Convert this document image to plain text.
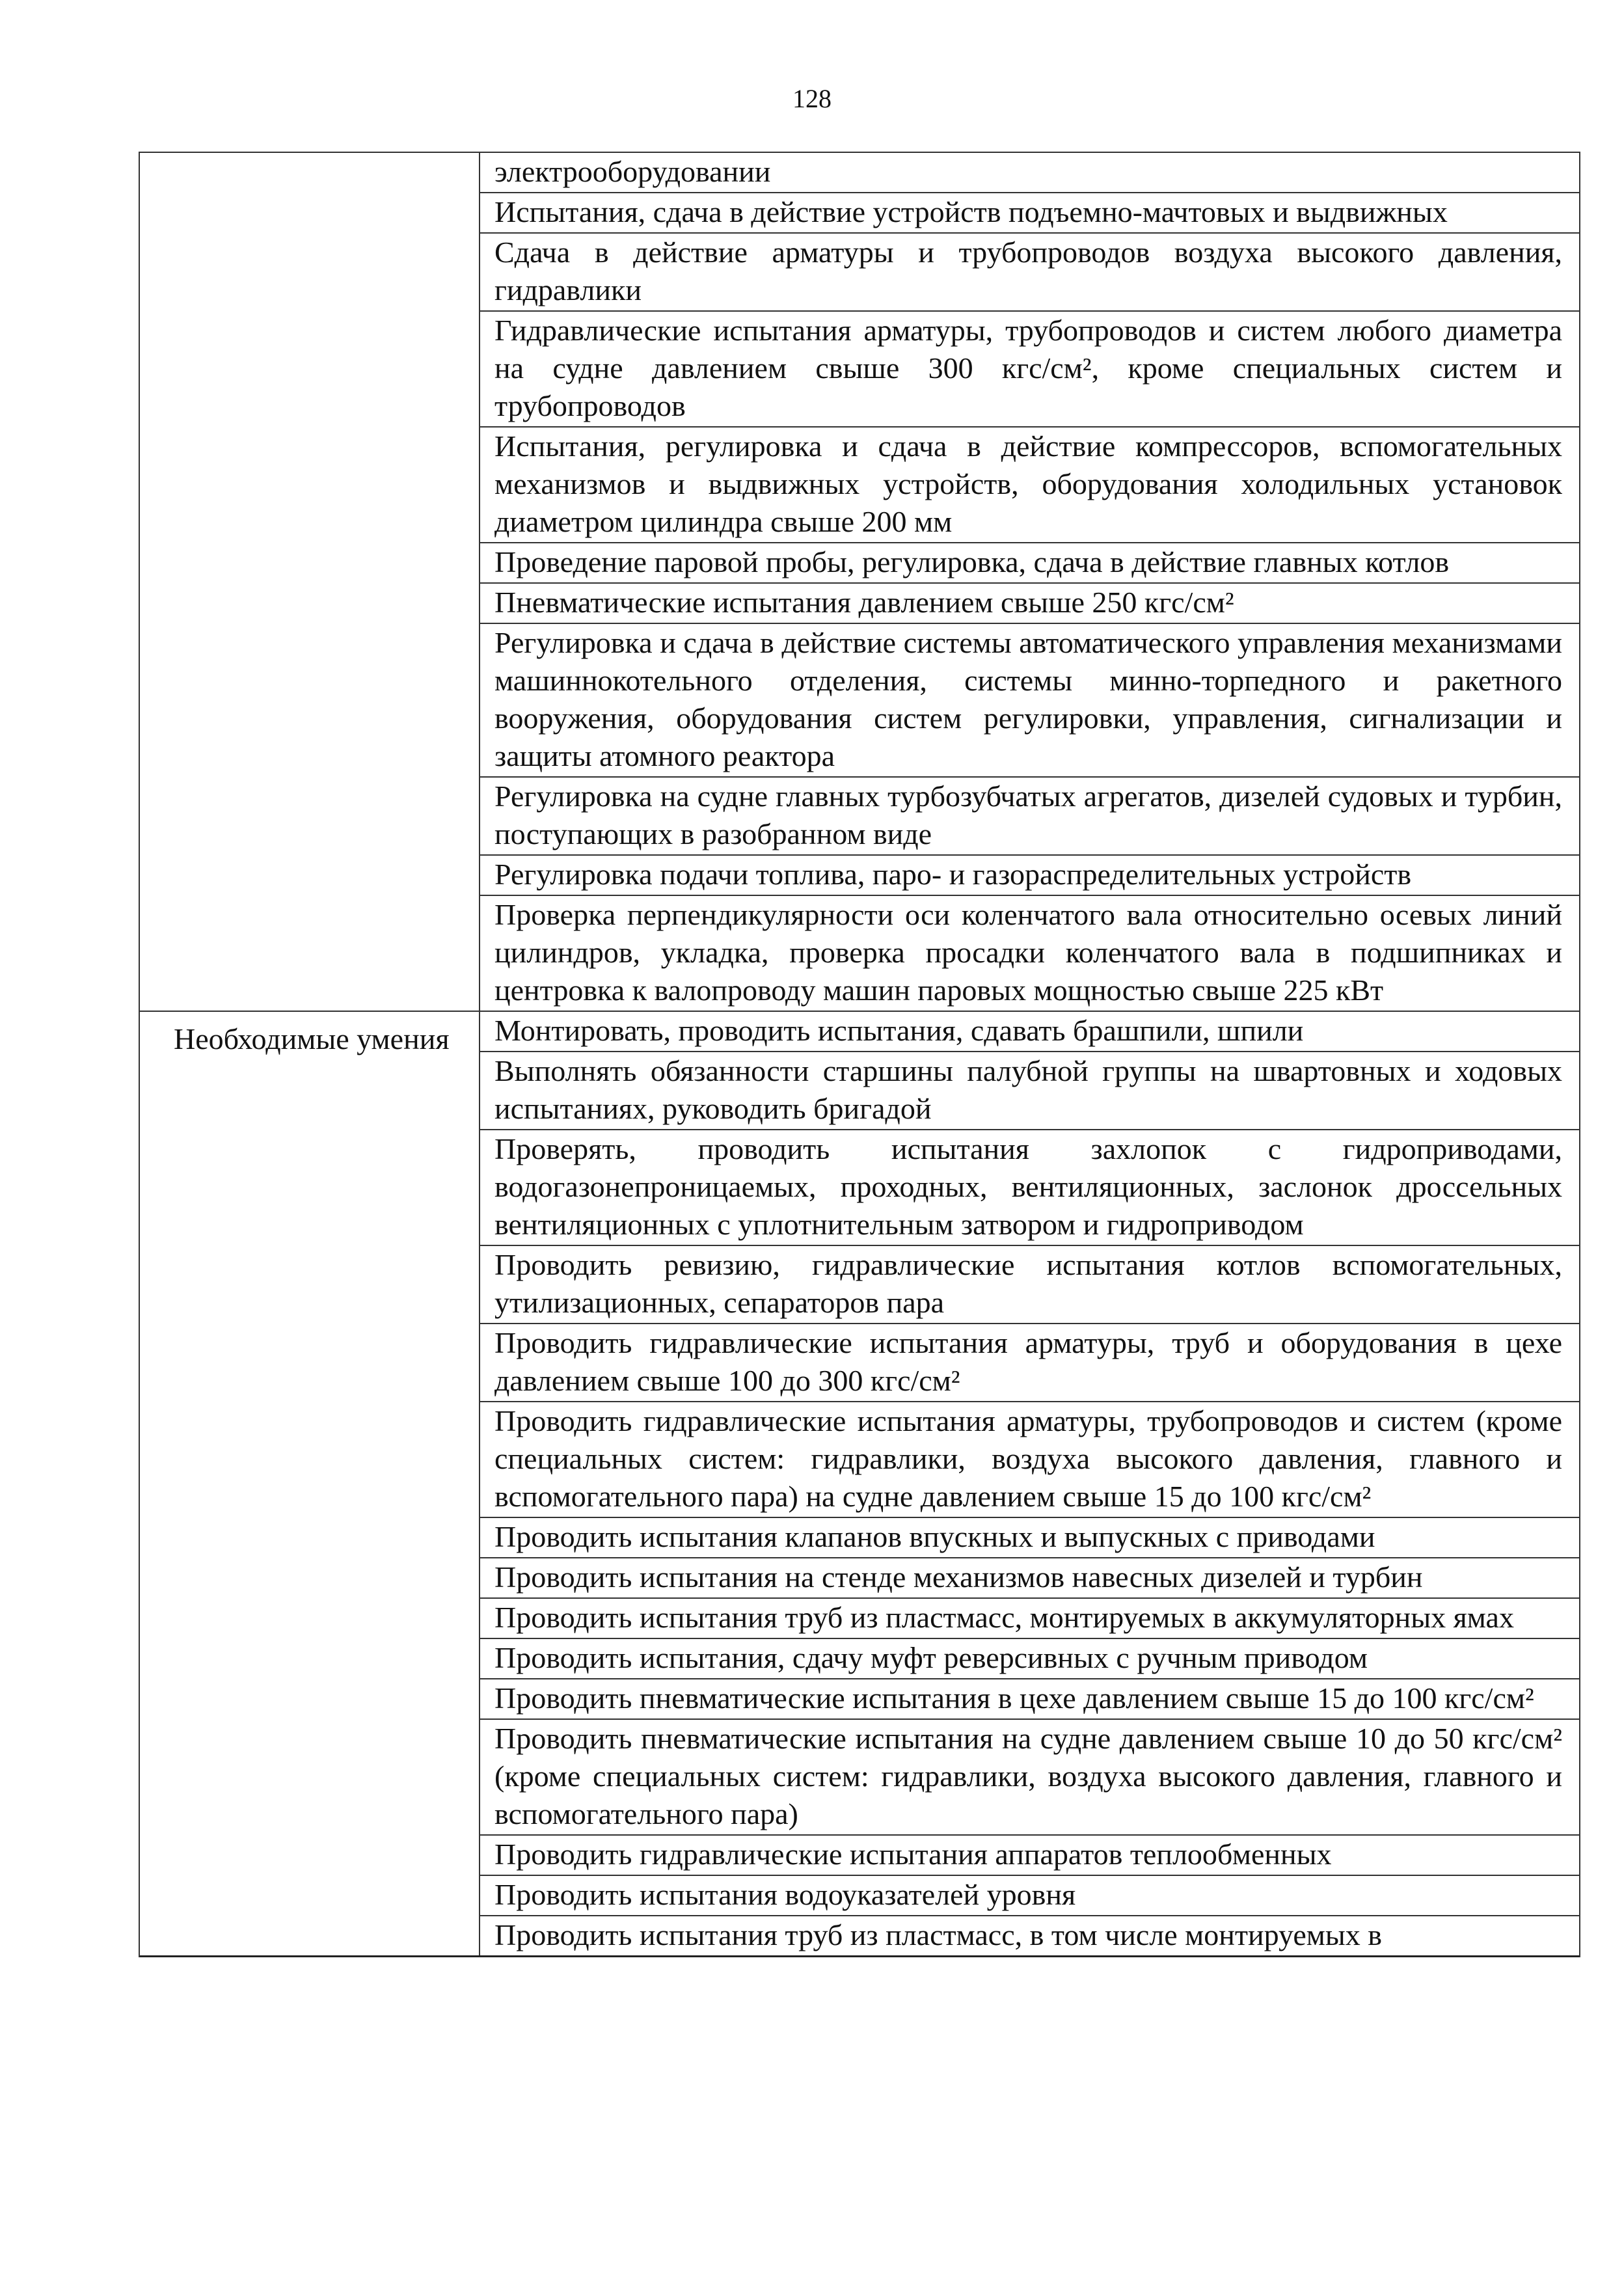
128
электрооборудовании
Испытания, сдача в действие устройств подъемно-мачтовых и выдвижных
Сдача в действие арматуры и трубопроводов воздуха высокого давления, гидравлики
Гидравлические испытания арматуры, трубопроводов и систем любого диаметра на судне давлением свыше 300 кгс/см², кроме специальных систем и трубопроводов
Испытания, регулировка и сдача в действие компрессоров, вспомогательных механизмов и выдвижных устройств, оборудования холодильных установок диаметром цилиндра свыше 200 мм
Проведение паровой пробы, регулировка, сдача в действие главных котлов
Пневматические испытания давлением свыше 250 кгс/см²
Регулировка и сдача в действие системы автоматического управления механизмами машиннокотельного отделения, системы минно-торпедного и ракетного вооружения, оборудования систем регулировки, управления, сигнализации и защиты атомного реактора
Регулировка на судне главных турбозубчатых агрегатов, дизелей судовых и турбин, поступающих в разобранном виде
Регулировка подачи топлива, паро- и газораспределительных устройств
Проверка перпендикулярности оси коленчатого вала относительно осевых линий цилиндров, укладка, проверка просадки коленчатого вала в подшипниках и центровка к валопроводу машин паровых мощностью свыше 225 кВт
Необходимые умения	Монтировать, проводить испытания, сдавать брашпили, шпили
Выполнять обязанности старшины палубной группы на швартовных и ходовых испытаниях, руководить бригадой
Проверять, проводить испытания захлопок с гидроприводами, водогазонепроницаемых, проходных, вентиляционных, заслонок дроссельных вентиляционных с уплотнительным затвором и гидроприводом
Проводить ревизию, гидравлические испытания котлов вспомогательных, утилизационных, сепараторов пара
Проводить гидравлические испытания арматуры, труб и оборудования в цехе давлением свыше 100 до 300 кгс/см²
Проводить гидравлические испытания арматуры, трубопроводов и систем (кроме специальных систем: гидравлики, воздуха высокого давления, главного и вспомогательного пара) на судне давлением свыше 15 до 100 кгс/см²
Проводить испытания клапанов впускных и выпускных с приводами
Проводить испытания на стенде механизмов навесных дизелей и турбин
Проводить испытания труб из пластмасс, монтируемых в аккумуляторных ямах
Проводить испытания, сдачу муфт реверсивных с ручным приводом
Проводить пневматические испытания в цехе давлением свыше 15 до 100 кгс/см²
Проводить пневматические испытания на судне давлением свыше 10 до 50 кгс/см² (кроме специальных систем: гидравлики, воздуха высокого давления, главного и вспомогательного пара)
Проводить гидравлические испытания аппаратов теплообменных
Проводить испытания водоуказателей уровня
Проводить испытания труб из пластмасс, в том числе монтируемых в
